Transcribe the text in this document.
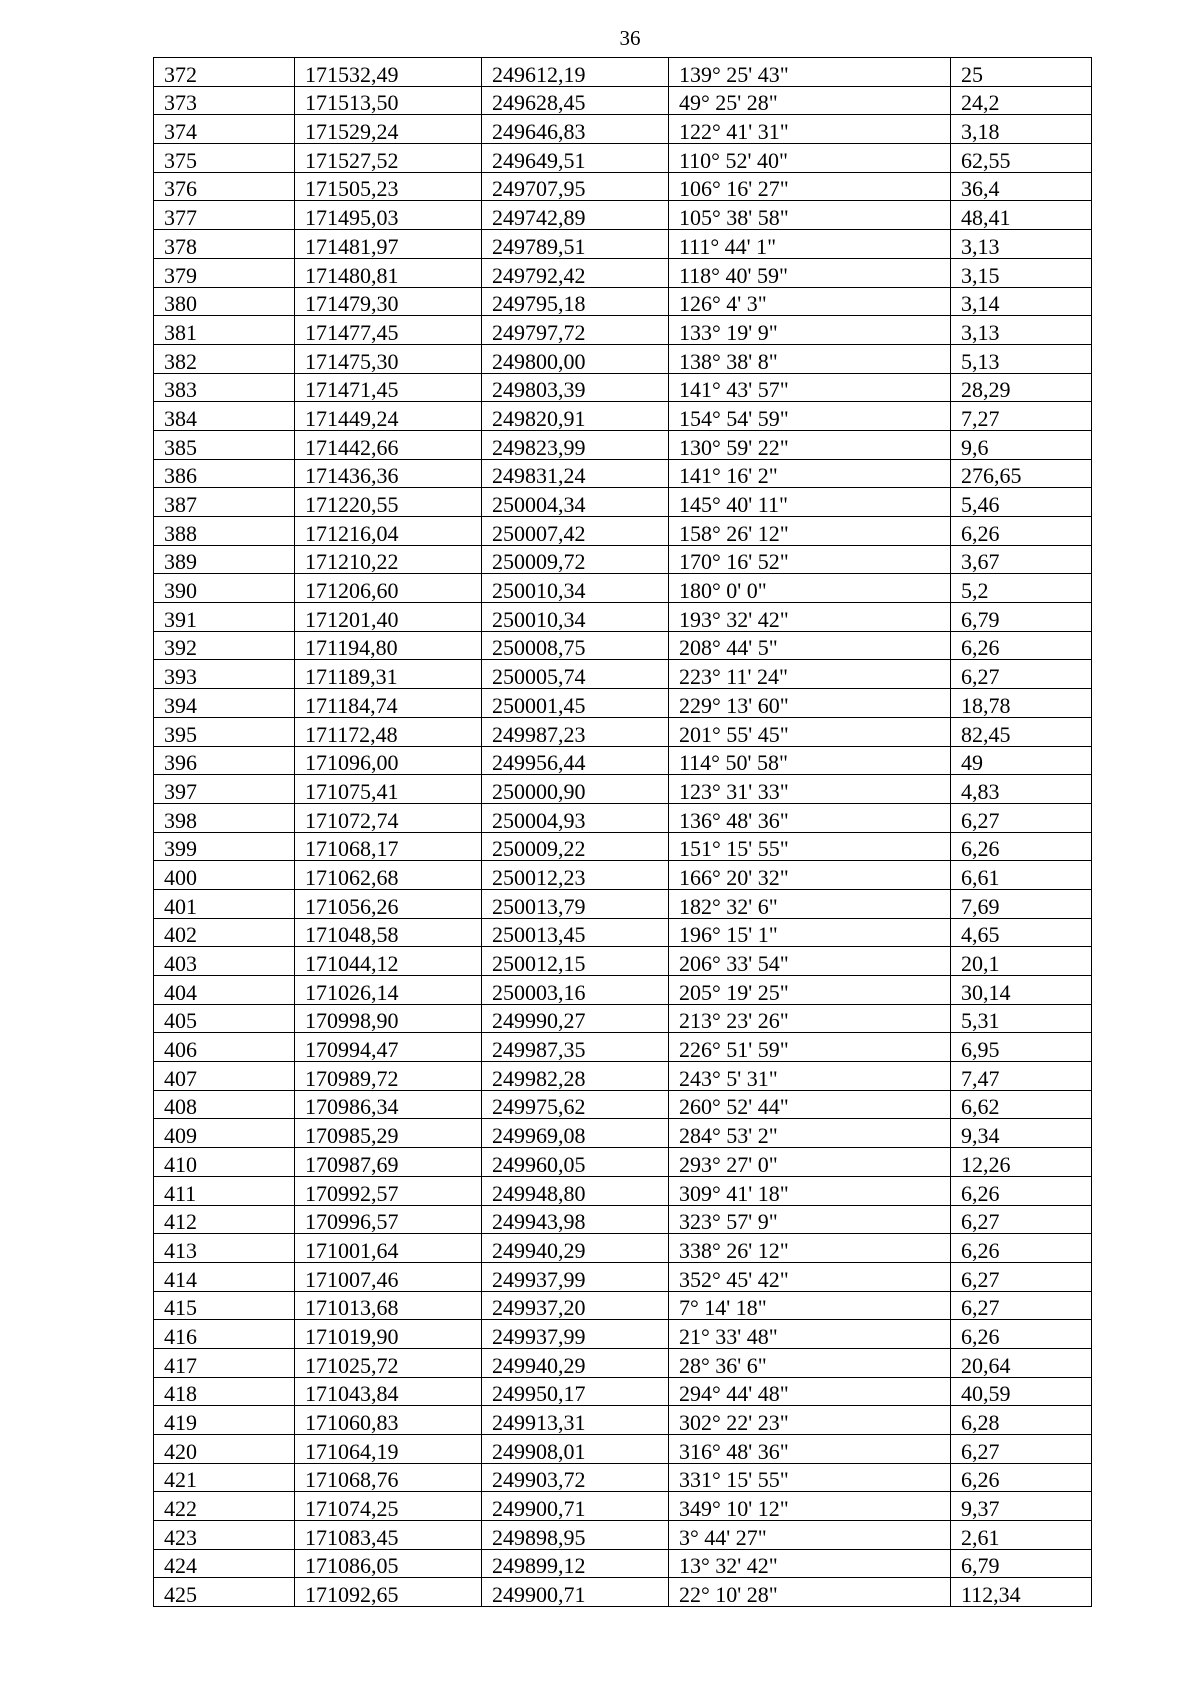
36
372	171532,49	249612,19	139° 25' 43"	25
373	171513,50	249628,45	49° 25' 28"	24,2
374	171529,24	249646,83	122° 41' 31"	3,18
375	171527,52	249649,51	110° 52' 40"	62,55
376	171505,23	249707,95	106° 16' 27"	36,4
377	171495,03	249742,89	105° 38' 58"	48,41
378	171481,97	249789,51	111° 44' 1"	3,13
379	171480,81	249792,42	118° 40' 59"	3,15
380	171479,30	249795,18	126° 4' 3"	3,14
381	171477,45	249797,72	133° 19' 9"	3,13
382	171475,30	249800,00	138° 38' 8"	5,13
383	171471,45	249803,39	141° 43' 57"	28,29
384	171449,24	249820,91	154° 54' 59"	7,27
385	171442,66	249823,99	130° 59' 22"	9,6
386	171436,36	249831,24	141° 16' 2"	276,65
387	171220,55	250004,34	145° 40' 11"	5,46
388	171216,04	250007,42	158° 26' 12"	6,26
389	171210,22	250009,72	170° 16' 52"	3,67
390	171206,60	250010,34	180° 0' 0"	5,2
391	171201,40	250010,34	193° 32' 42"	6,79
392	171194,80	250008,75	208° 44' 5"	6,26
393	171189,31	250005,74	223° 11' 24"	6,27
394	171184,74	250001,45	229° 13' 60"	18,78
395	171172,48	249987,23	201° 55' 45"	82,45
396	171096,00	249956,44	114° 50' 58"	49
397	171075,41	250000,90	123° 31' 33"	4,83
398	171072,74	250004,93	136° 48' 36"	6,27
399	171068,17	250009,22	151° 15' 55"	6,26
400	171062,68	250012,23	166° 20' 32"	6,61
401	171056,26	250013,79	182° 32' 6"	7,69
402	171048,58	250013,45	196° 15' 1"	4,65
403	171044,12	250012,15	206° 33' 54"	20,1
404	171026,14	250003,16	205° 19' 25"	30,14
405	170998,90	249990,27	213° 23' 26"	5,31
406	170994,47	249987,35	226° 51' 59"	6,95
407	170989,72	249982,28	243° 5' 31"	7,47
408	170986,34	249975,62	260° 52' 44"	6,62
409	170985,29	249969,08	284° 53' 2"	9,34
410	170987,69	249960,05	293° 27' 0"	12,26
411	170992,57	249948,80	309° 41' 18"	6,26
412	170996,57	249943,98	323° 57' 9"	6,27
413	171001,64	249940,29	338° 26' 12"	6,26
414	171007,46	249937,99	352° 45' 42"	6,27
415	171013,68	249937,20	7° 14' 18"	6,27
416	171019,90	249937,99	21° 33' 48"	6,26
417	171025,72	249940,29	28° 36' 6"	20,64
418	171043,84	249950,17	294° 44' 48"	40,59
419	171060,83	249913,31	302° 22' 23"	6,28
420	171064,19	249908,01	316° 48' 36"	6,27
421	171068,76	249903,72	331° 15' 55"	6,26
422	171074,25	249900,71	349° 10' 12"	9,37
423	171083,45	249898,95	3° 44' 27"	2,61
424	171086,05	249899,12	13° 32' 42"	6,79
425	171092,65	249900,71	22° 10' 28"	112,34
